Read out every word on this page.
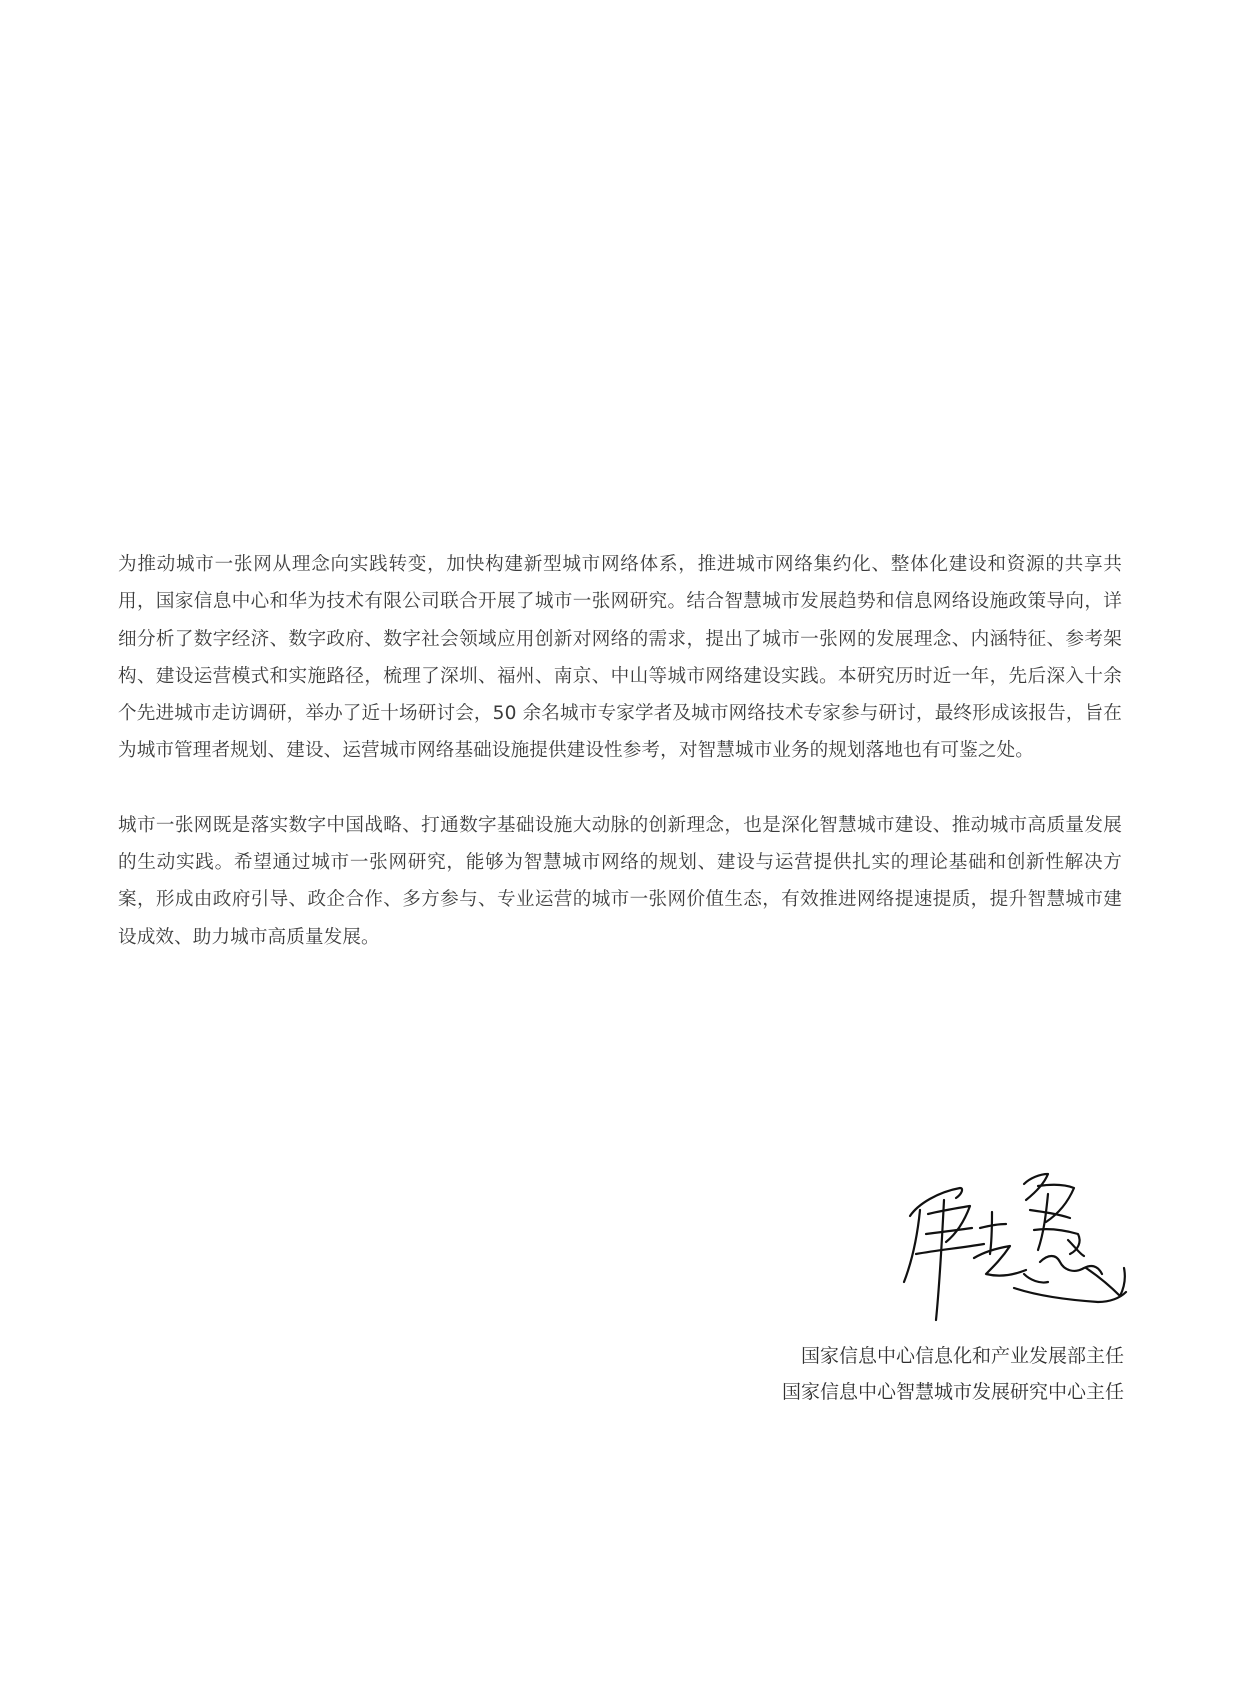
为推动城市一张网从理念向实践转变，加快构建新型城市网络体系，推进城市网络集约化、整体化建设和资源的共享共用，国家信息中心和华为技术有限公司联合开展了城市一张网研究。结合智慧城市发展趋势和信息网络设施政策导向，详细分析了数字经济、数字政府、数字社会领域应用创新对网络的需求，提出了城市一张网的发展理念、内涵特征、参考架构、建设运营模式和实施路径，梳理了深圳、福州、南京、中山等城市网络建设实践。本研究历时近一年，先后深入十余个先进城市走访调研，举办了近十场研讨会，50 余名城市专家学者及城市网络技术专家参与研讨，最终形成该报告，旨在为城市管理者规划、建设、运营城市网络基础设施提供建设性参考，对智慧城市业务的规划落地也有可鉴之处。

城市一张网既是落实数字中国战略、打通数字基础设施大动脉的创新理念，也是深化智慧城市建设、推动城市高质量发展的生动实践。希望通过城市一张网研究，能够为智慧城市网络的规划、建设与运营提供扎实的理论基础和创新性解决方案，形成由政府引导、政企合作、多方参与、专业运营的城市一张网价值生态，有效推进网络提速提质，提升智慧城市建设成效、助力城市高质量发展。

国家信息中心信息化和产业发展部主任
国家信息中心智慧城市发展研究中心主任
